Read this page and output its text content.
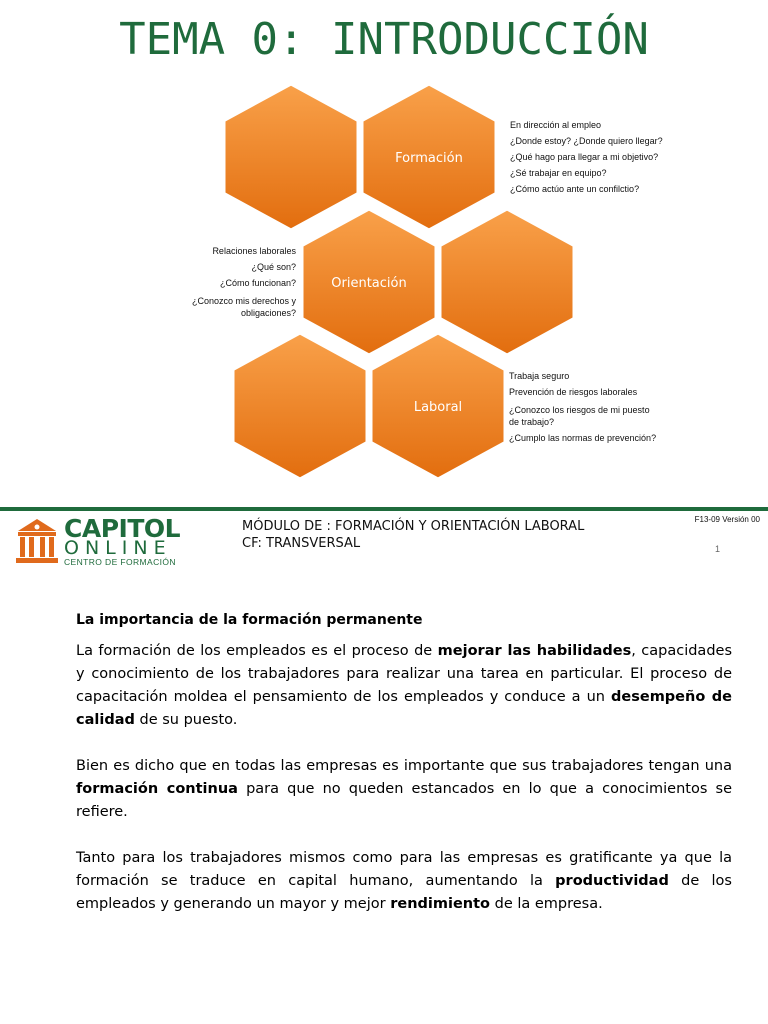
TEMA 0: INTRODUCCIÓN
Formación
Orientación
Laboral
En dirección al empleo
¿Donde estoy? ¿Donde quiero llegar?
¿Qué hago para llegar a mi objetivo?
¿Sé trabajar en equipo?
¿Cómo actúo ante un confilctio?
Relaciones laborales
¿Qué son?
¿Cómo funcionan?
¿Conozco mis derechos y
obligaciones?
Trabaja seguro
Prevención de riesgos laborales
¿Conozco los riesgos de mi puesto
de trabajo?
¿Cumplo las normas de prevención?
CAPITOL
ONLINE
CENTRO DE FORMACIÓN
MÓDULO DE : FORMACIÓN Y ORIENTACIÓN LABORAL
CF: TRANSVERSAL
F13-09 Versión 00
1
La importancia de la formación permanente

La formación de los empleados es el proceso de mejorar las habilidades, capacidades y conocimiento de los trabajadores para realizar una tarea en particular. El proceso de capacitación moldea el pensamiento de los empleados y conduce a un desempeño de calidad de su puesto.

Bien es dicho que en todas las empresas es importante que sus trabajadores tengan una formación continua para que no queden estancados en lo que a conocimientos se refiere.

Tanto para los trabajadores mismos como para las empresas es gratificante ya que la formación se traduce en capital humano, aumentando la productividad de los empleados y generando un mayor y mejor rendimiento de la empresa.
